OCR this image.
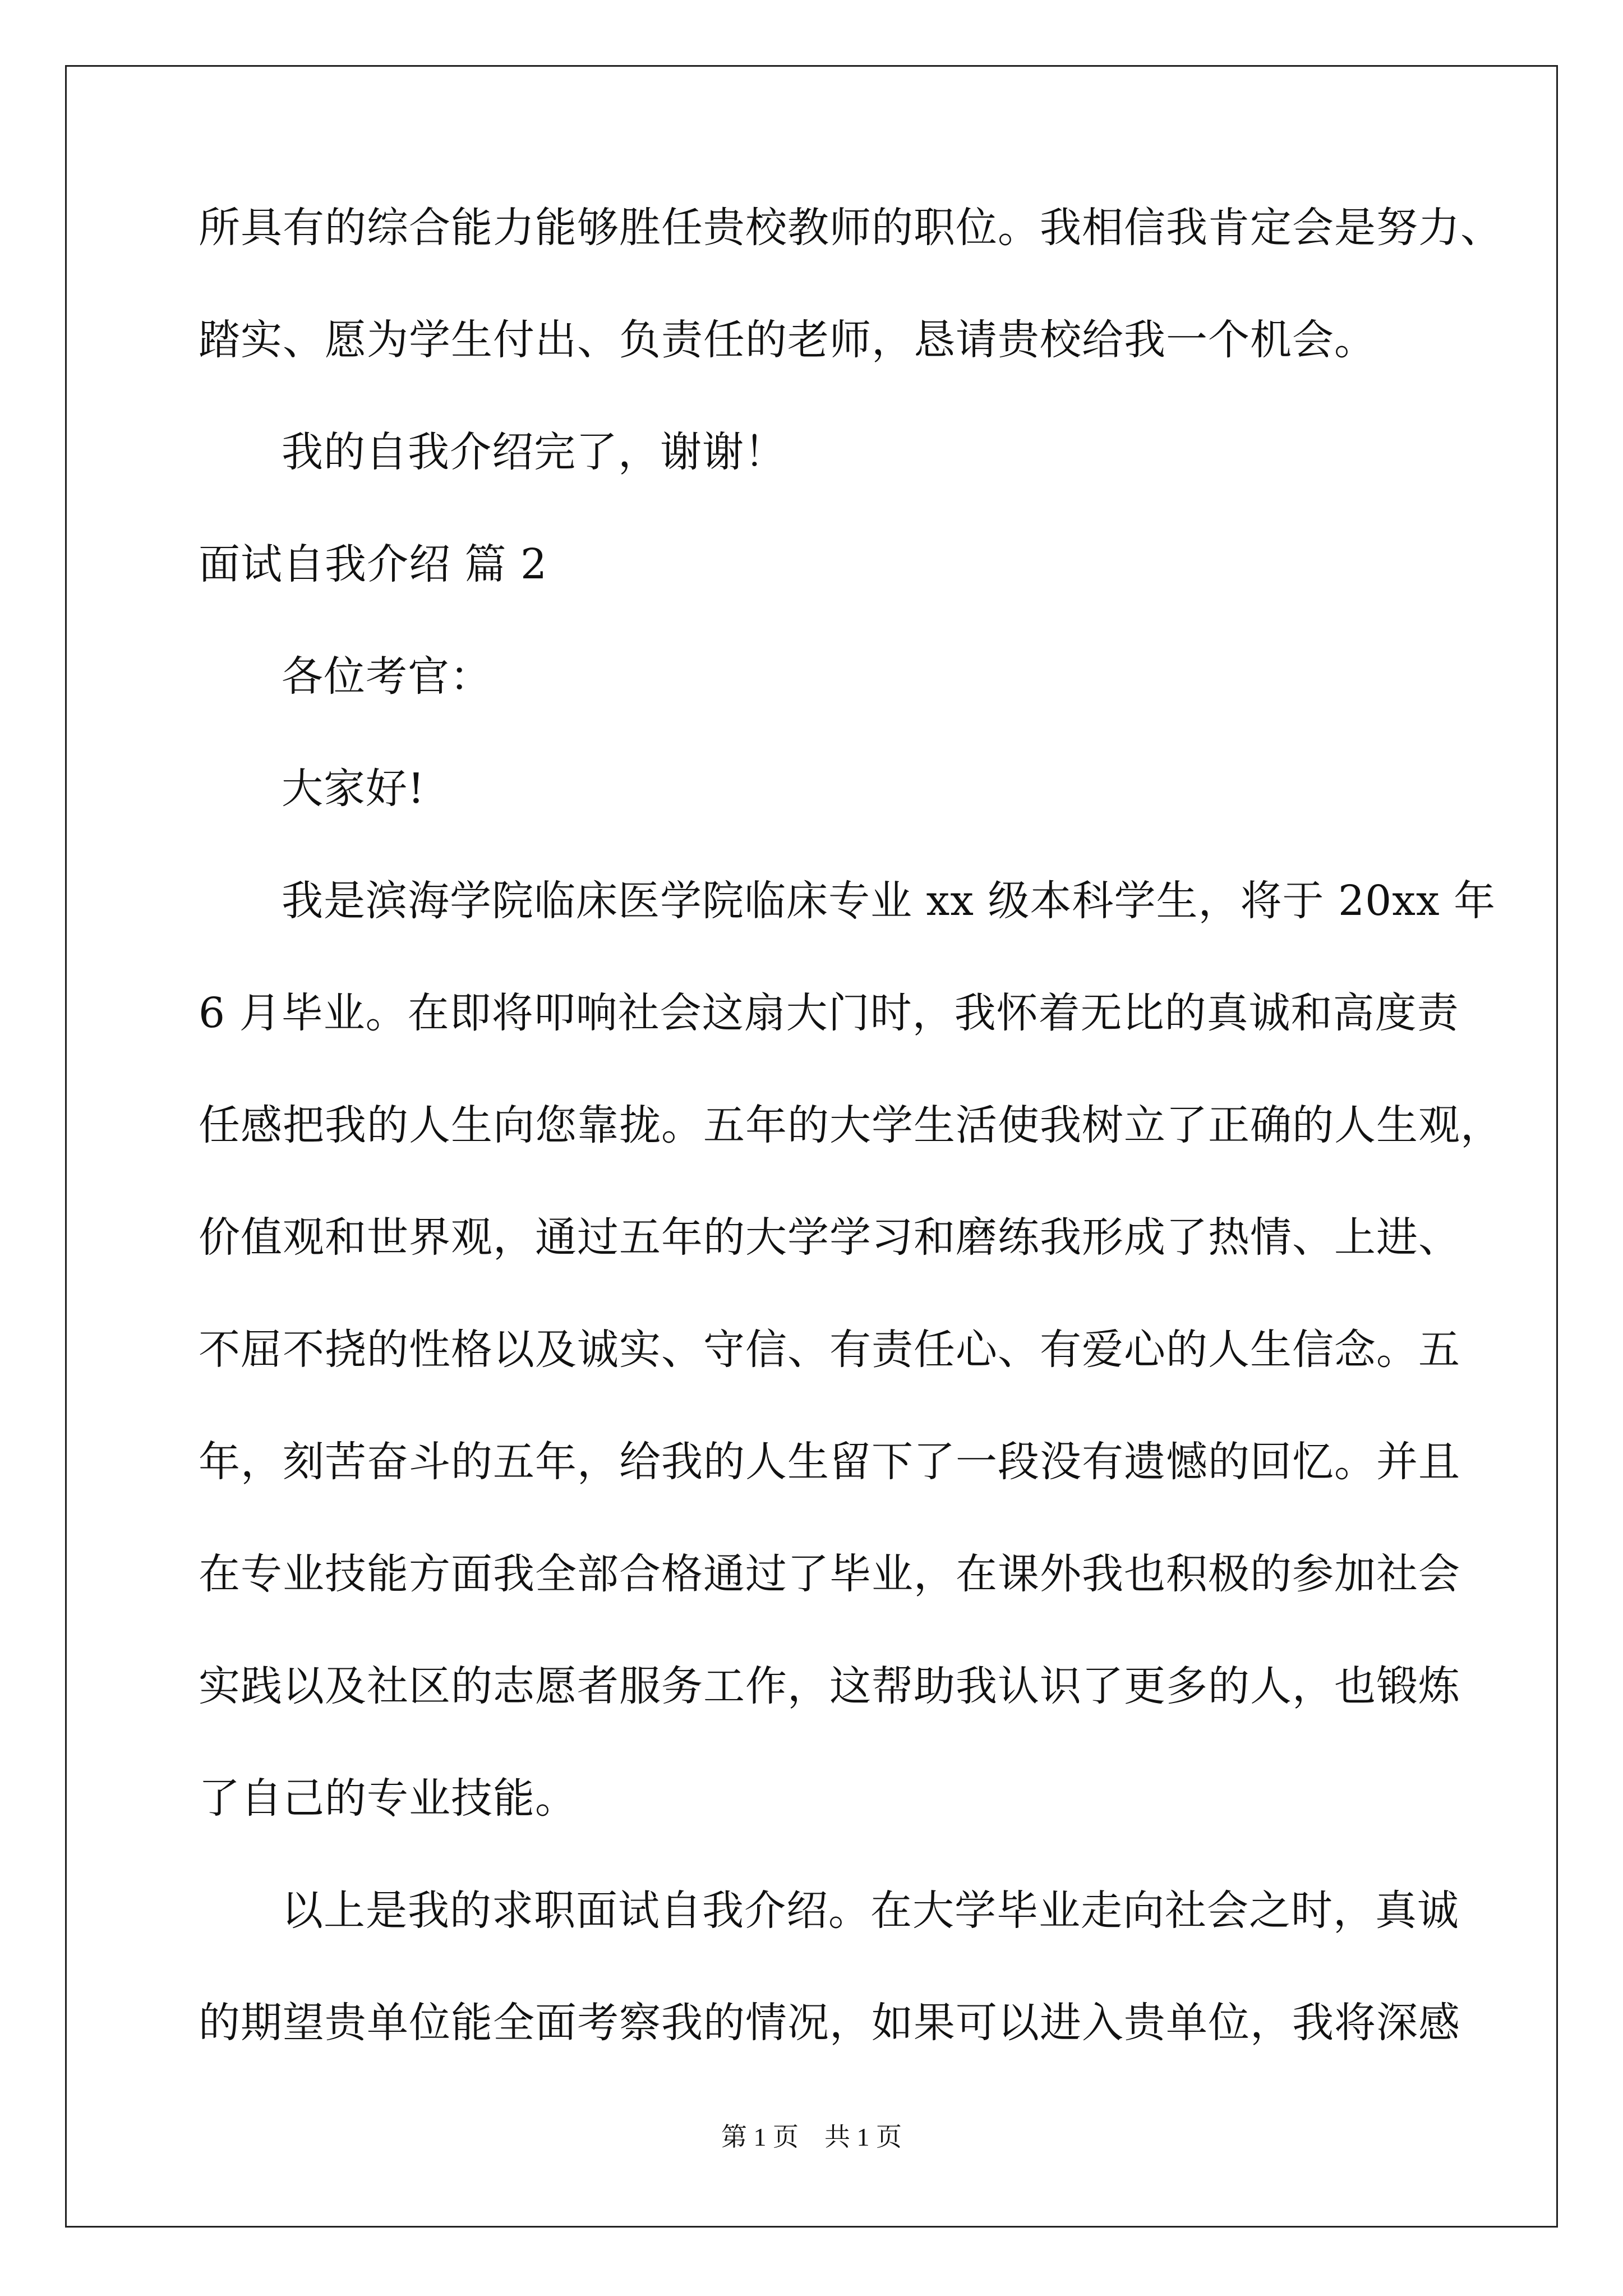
所具有的综合能力能够胜任贵校教师的职位。我相信我肯定会是努力、
踏实、愿为学生付出、负责任的老师，恳请贵校给我一个机会。
我的自我介绍完了，谢谢！
面试自我介绍 篇 2
各位考官：
大家好!
我是滨海学院临床医学院临床专业 xx 级本科学生，将于 20xx 年
6 月毕业。在即将叩响社会这扇大门时，我怀着无比的真诚和高度责
任感把我的人生向您靠拢。五年的大学生活使我树立了正确的人生观，
价值观和世界观，通过五年的大学学习和磨练我形成了热情、上进、
不屈不挠的性格以及诚实、守信、有责任心、有爱心的人生信念。五
年，刻苦奋斗的五年，给我的人生留下了一段没有遗憾的回忆。并且
在专业技能方面我全部合格通过了毕业，在课外我也积极的参加社会
实践以及社区的志愿者服务工作，这帮助我认识了更多的人，也锻炼
了自己的专业技能。
以上是我的求职面试自我介绍。在大学毕业走向社会之时，真诚
的期望贵单位能全面考察我的情况，如果可以进入贵单位，我将深感
第 1 页　共 1 页
